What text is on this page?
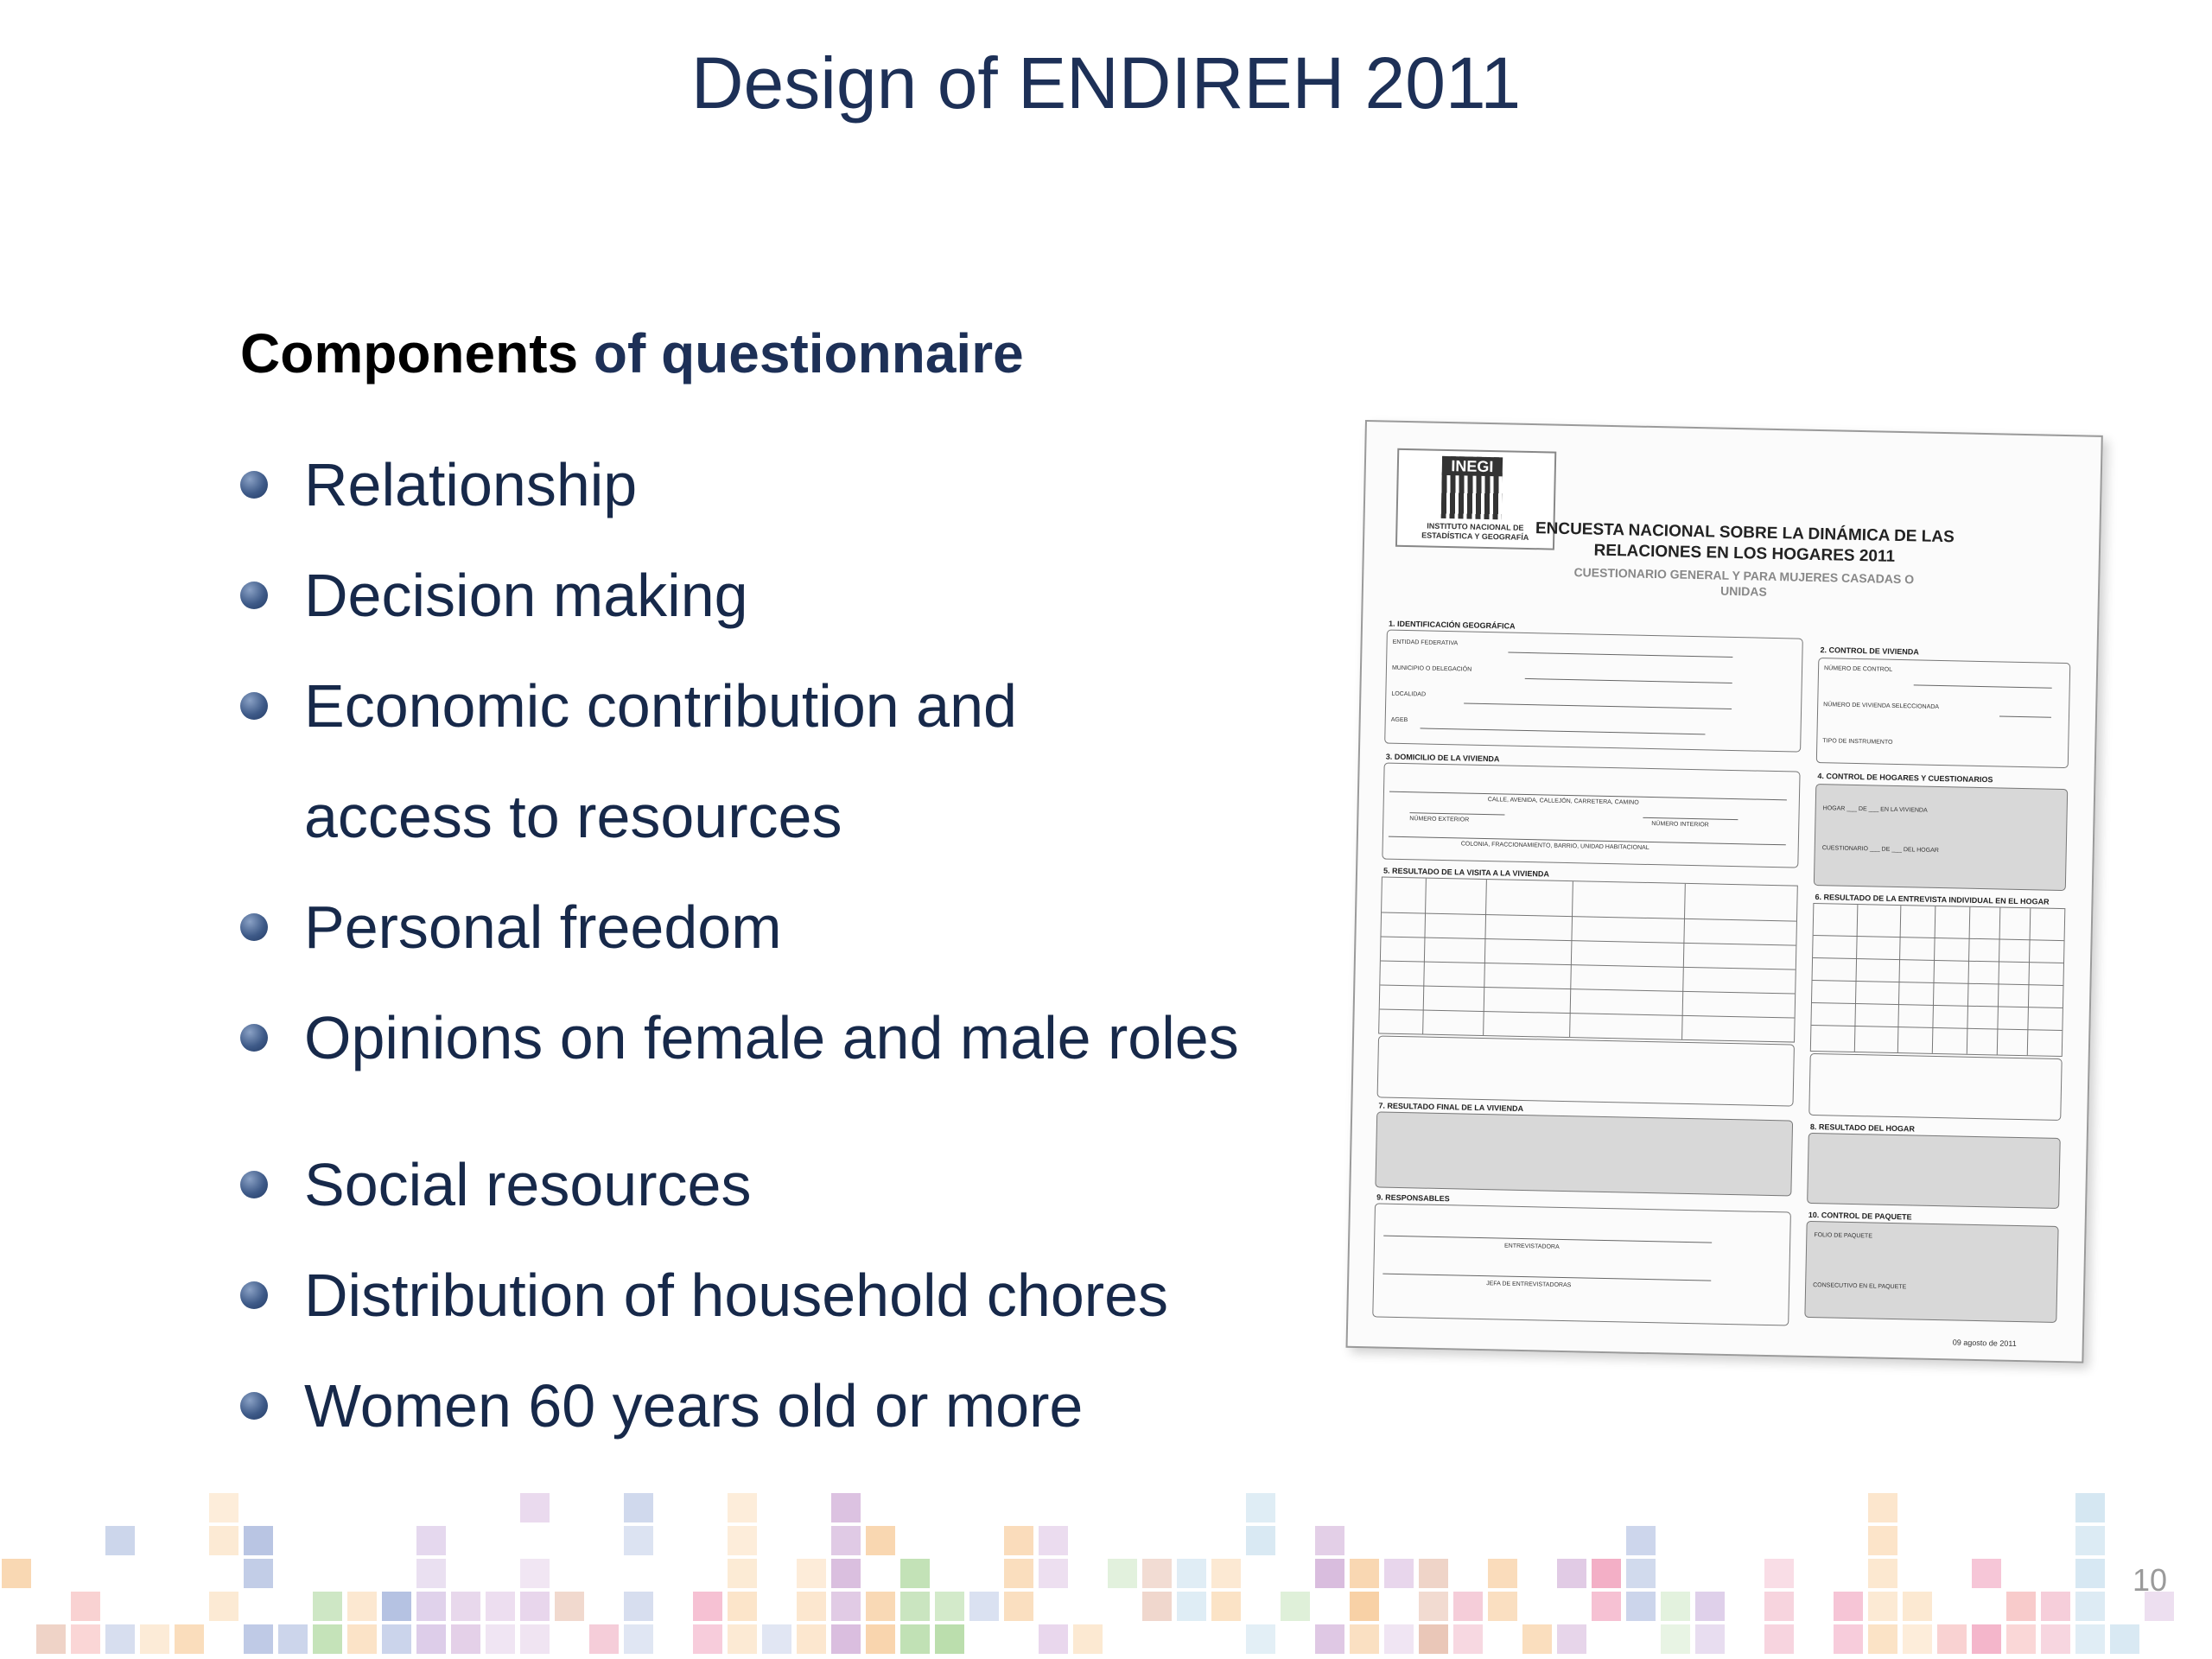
Design of ENDIREH 2011
Components of questionnaire
Relationship
Decision making
Economic contribution and
access to resources
Personal freedom
Opinions on female and male roles
Social resources
Distribution of household chores
Women 60 years old or more
INEGI
INSTITUTO NACIONAL DE ESTADÍSTICA Y GEOGRAFÍA ENCUESTA NACIONAL SOBRE LA DINÁMICA DE LAS RELACIONES EN LOS HOGARES 2011
CUESTIONARIO GENERAL Y PARA MUJERES CASADAS O UNIDAS
1. IDENTIFICACIÓN GEOGRÁFICA
ENTIDAD FEDERATIVA
MUNICIPIO O DELEGACIÓN
LOCALIDAD
AGEB
2. CONTROL DE VIVIENDA
NÚMERO DE CONTROL
NÚMERO DE VIVIENDA SELECCIONADA
TIPO DE INSTRUMENTO
3. DOMICILIO DE LA VIVIENDA
CALLE, AVENIDA, CALLEJÓN, CARRETERA, CAMINO
NÚMERO EXTERIOR
NÚMERO INTERIOR
COLONIA, FRACCIONAMIENTO, BARRIO, UNIDAD HABITACIONAL
4. CONTROL DE HOGARES Y CUESTIONARIOS
HOGAR ___ DE ___ EN LA VIVIENDA
CUESTIONARIO ___ DE ___ DEL HOGAR
5. RESULTADO DE LA VISITA A LA VIVIENDA
6. RESULTADO DE LA ENTREVISTA INDIVIDUAL EN EL HOGAR
7. RESULTADO FINAL DE LA VIVIENDA
8. RESULTADO DEL HOGAR
9. RESPONSABLES
ENTREVISTADORA
JEFA DE ENTREVISTADORAS
10. CONTROL DE PAQUETE
FOLIO DE PAQUETE
CONSECUTIVO EN EL PAQUETE
09 agosto de 2011
10
